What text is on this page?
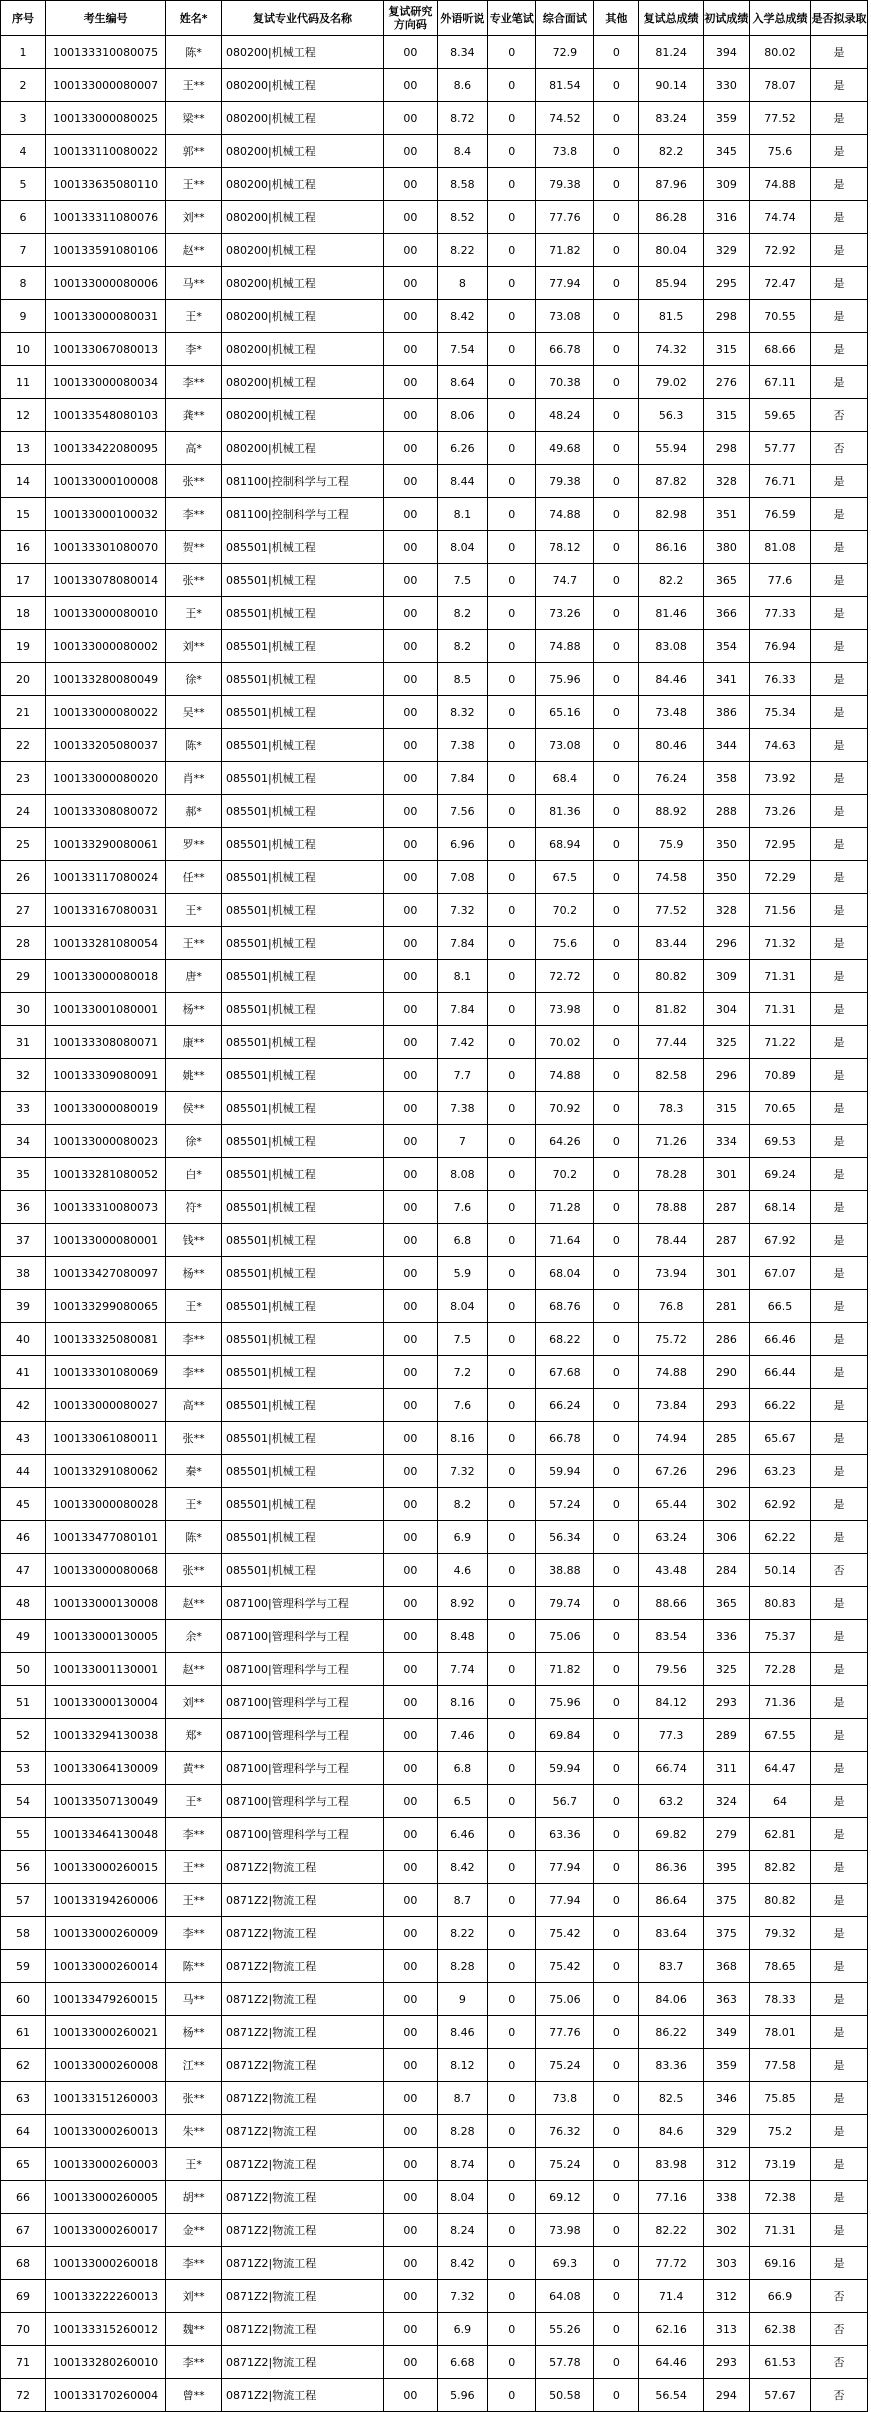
序号	考生编号	姓名*	复试专业代码及名称	复试研究方向码	外语听说	专业笔试	综合面试	其他	复试总成绩	初试成绩	入学总成绩	是否拟录取
1	100133310080075	陈*	080200|机械工程	00	8.34	0	72.9	0	81.24	394	80.02	是
2	100133000080007	王**	080200|机械工程	00	8.6	0	81.54	0	90.14	330	78.07	是
3	100133000080025	梁**	080200|机械工程	00	8.72	0	74.52	0	83.24	359	77.52	是
4	100133110080022	郭**	080200|机械工程	00	8.4	0	73.8	0	82.2	345	75.6	是
5	100133635080110	王**	080200|机械工程	00	8.58	0	79.38	0	87.96	309	74.88	是
6	100133311080076	刘**	080200|机械工程	00	8.52	0	77.76	0	86.28	316	74.74	是
7	100133591080106	赵**	080200|机械工程	00	8.22	0	71.82	0	80.04	329	72.92	是
8	100133000080006	马**	080200|机械工程	00	8	0	77.94	0	85.94	295	72.47	是
9	100133000080031	王*	080200|机械工程	00	8.42	0	73.08	0	81.5	298	70.55	是
10	100133067080013	李*	080200|机械工程	00	7.54	0	66.78	0	74.32	315	68.66	是
11	100133000080034	李**	080200|机械工程	00	8.64	0	70.38	0	79.02	276	67.11	是
12	100133548080103	龚**	080200|机械工程	00	8.06	0	48.24	0	56.3	315	59.65	否
13	100133422080095	高*	080200|机械工程	00	6.26	0	49.68	0	55.94	298	57.77	否
14	100133000100008	张**	081100|控制科学与工程	00	8.44	0	79.38	0	87.82	328	76.71	是
15	100133000100032	李**	081100|控制科学与工程	00	8.1	0	74.88	0	82.98	351	76.59	是
16	100133301080070	贺**	085501|机械工程	00	8.04	0	78.12	0	86.16	380	81.08	是
17	100133078080014	张**	085501|机械工程	00	7.5	0	74.7	0	82.2	365	77.6	是
18	100133000080010	王*	085501|机械工程	00	8.2	0	73.26	0	81.46	366	77.33	是
19	100133000080002	刘**	085501|机械工程	00	8.2	0	74.88	0	83.08	354	76.94	是
20	100133280080049	徐*	085501|机械工程	00	8.5	0	75.96	0	84.46	341	76.33	是
21	100133000080022	吴**	085501|机械工程	00	8.32	0	65.16	0	73.48	386	75.34	是
22	100133205080037	陈*	085501|机械工程	00	7.38	0	73.08	0	80.46	344	74.63	是
23	100133000080020	肖**	085501|机械工程	00	7.84	0	68.4	0	76.24	358	73.92	是
24	100133308080072	郝*	085501|机械工程	00	7.56	0	81.36	0	88.92	288	73.26	是
25	100133290080061	罗**	085501|机械工程	00	6.96	0	68.94	0	75.9	350	72.95	是
26	100133117080024	任**	085501|机械工程	00	7.08	0	67.5	0	74.58	350	72.29	是
27	100133167080031	王*	085501|机械工程	00	7.32	0	70.2	0	77.52	328	71.56	是
28	100133281080054	王**	085501|机械工程	00	7.84	0	75.6	0	83.44	296	71.32	是
29	100133000080018	唐*	085501|机械工程	00	8.1	0	72.72	0	80.82	309	71.31	是
30	100133001080001	杨**	085501|机械工程	00	7.84	0	73.98	0	81.82	304	71.31	是
31	100133308080071	康**	085501|机械工程	00	7.42	0	70.02	0	77.44	325	71.22	是
32	100133309080091	姚**	085501|机械工程	00	7.7	0	74.88	0	82.58	296	70.89	是
33	100133000080019	侯**	085501|机械工程	00	7.38	0	70.92	0	78.3	315	70.65	是
34	100133000080023	徐*	085501|机械工程	00	7	0	64.26	0	71.26	334	69.53	是
35	100133281080052	白*	085501|机械工程	00	8.08	0	70.2	0	78.28	301	69.24	是
36	100133310080073	符*	085501|机械工程	00	7.6	0	71.28	0	78.88	287	68.14	是
37	100133000080001	钱**	085501|机械工程	00	6.8	0	71.64	0	78.44	287	67.92	是
38	100133427080097	杨**	085501|机械工程	00	5.9	0	68.04	0	73.94	301	67.07	是
39	100133299080065	王*	085501|机械工程	00	8.04	0	68.76	0	76.8	281	66.5	是
40	100133325080081	李**	085501|机械工程	00	7.5	0	68.22	0	75.72	286	66.46	是
41	100133301080069	李**	085501|机械工程	00	7.2	0	67.68	0	74.88	290	66.44	是
42	100133000080027	高**	085501|机械工程	00	7.6	0	66.24	0	73.84	293	66.22	是
43	100133061080011	张**	085501|机械工程	00	8.16	0	66.78	0	74.94	285	65.67	是
44	100133291080062	秦*	085501|机械工程	00	7.32	0	59.94	0	67.26	296	63.23	是
45	100133000080028	王*	085501|机械工程	00	8.2	0	57.24	0	65.44	302	62.92	是
46	100133477080101	陈*	085501|机械工程	00	6.9	0	56.34	0	63.24	306	62.22	是
47	100133000080068	张**	085501|机械工程	00	4.6	0	38.88	0	43.48	284	50.14	否
48	100133000130008	赵**	087100|管理科学与工程	00	8.92	0	79.74	0	88.66	365	80.83	是
49	100133000130005	余*	087100|管理科学与工程	00	8.48	0	75.06	0	83.54	336	75.37	是
50	100133001130001	赵**	087100|管理科学与工程	00	7.74	0	71.82	0	79.56	325	72.28	是
51	100133000130004	刘**	087100|管理科学与工程	00	8.16	0	75.96	0	84.12	293	71.36	是
52	100133294130038	郑*	087100|管理科学与工程	00	7.46	0	69.84	0	77.3	289	67.55	是
53	100133064130009	黄**	087100|管理科学与工程	00	6.8	0	59.94	0	66.74	311	64.47	是
54	100133507130049	王*	087100|管理科学与工程	00	6.5	0	56.7	0	63.2	324	64	是
55	100133464130048	李**	087100|管理科学与工程	00	6.46	0	63.36	0	69.82	279	62.81	是
56	100133000260015	王**	0871Z2|物流工程	00	8.42	0	77.94	0	86.36	395	82.82	是
57	100133194260006	王**	0871Z2|物流工程	00	8.7	0	77.94	0	86.64	375	80.82	是
58	100133000260009	李**	0871Z2|物流工程	00	8.22	0	75.42	0	83.64	375	79.32	是
59	100133000260014	陈**	0871Z2|物流工程	00	8.28	0	75.42	0	83.7	368	78.65	是
60	100133479260015	马**	0871Z2|物流工程	00	9	0	75.06	0	84.06	363	78.33	是
61	100133000260021	杨**	0871Z2|物流工程	00	8.46	0	77.76	0	86.22	349	78.01	是
62	100133000260008	江**	0871Z2|物流工程	00	8.12	0	75.24	0	83.36	359	77.58	是
63	100133151260003	张**	0871Z2|物流工程	00	8.7	0	73.8	0	82.5	346	75.85	是
64	100133000260013	朱**	0871Z2|物流工程	00	8.28	0	76.32	0	84.6	329	75.2	是
65	100133000260003	王*	0871Z2|物流工程	00	8.74	0	75.24	0	83.98	312	73.19	是
66	100133000260005	胡**	0871Z2|物流工程	00	8.04	0	69.12	0	77.16	338	72.38	是
67	100133000260017	金**	0871Z2|物流工程	00	8.24	0	73.98	0	82.22	302	71.31	是
68	100133000260018	李**	0871Z2|物流工程	00	8.42	0	69.3	0	77.72	303	69.16	是
69	100133222260013	刘**	0871Z2|物流工程	00	7.32	0	64.08	0	71.4	312	66.9	否
70	100133315260012	魏**	0871Z2|物流工程	00	6.9	0	55.26	0	62.16	313	62.38	否
71	100133280260010	李**	0871Z2|物流工程	00	6.68	0	57.78	0	64.46	293	61.53	否
72	100133170260004	曾**	0871Z2|物流工程	00	5.96	0	50.58	0	56.54	294	57.67	否
